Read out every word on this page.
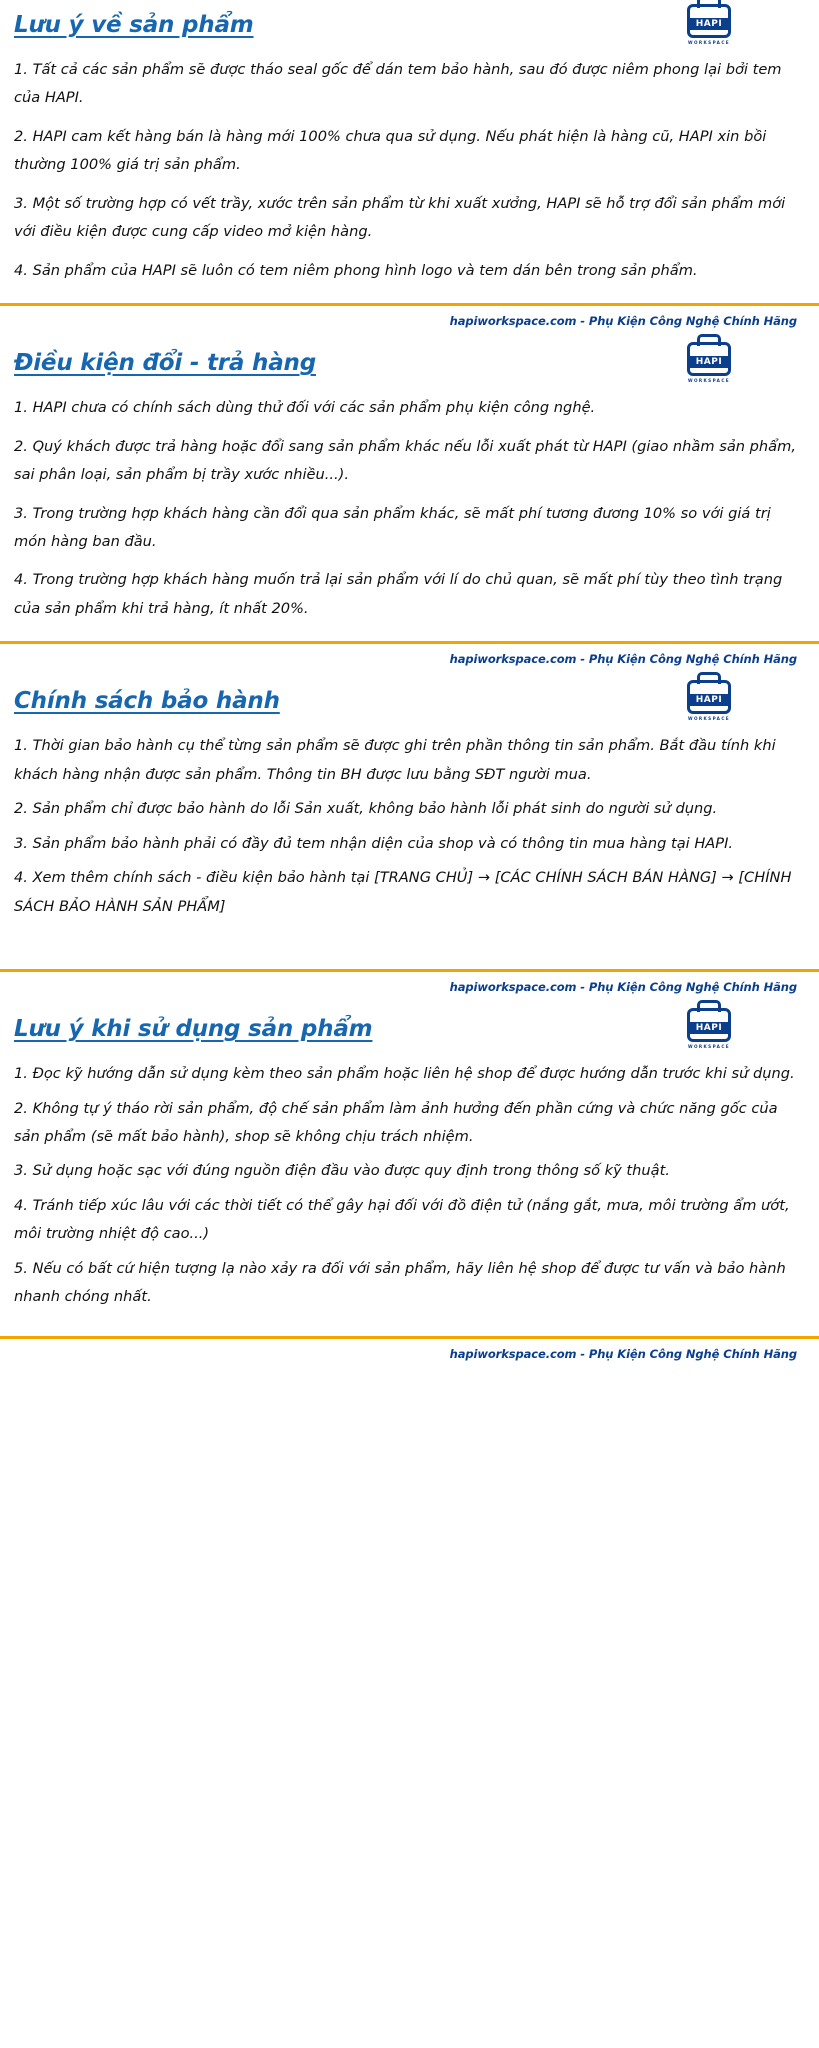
Lưu ý về sản phẩm	HAPI
WORKSPACE

1. Tất cả các sản phẩm sẽ được tháo seal gốc để dán tem bảo hành, sau đó được niêm phong lại bởi tem của HAPI.

2. HAPI cam kết hàng bán là hàng mới 100% chưa qua sử dụng. Nếu phát hiện là hàng cũ, HAPI xin bồi thường 100% giá trị sản phẩm.

3. Một số trường hợp có vết trầy, xước trên sản phẩm từ khi xuất xưởng, HAPI sẽ hỗ trợ đổi sản phẩm mới với điều kiện được cung cấp video mở kiện hàng.

4. Sản phẩm của HAPI sẽ luôn có tem niêm phong hình logo và tem dán bên trong sản phẩm.

hapiworkspace.com - Phụ Kiện Công Nghệ Chính Hãng
Điều kiện đổi - trả hàng	HAPI
WORKSPACE

1. HAPI chưa có chính sách dùng thử đối với các sản phẩm phụ kiện công nghệ.

2. Quý khách được trả hàng hoặc đổi sang sản phẩm khác nếu lỗi xuất phát từ HAPI (giao nhầm sản phẩm, sai phân loại, sản phẩm bị trầy xước nhiều...).

3. Trong trường hợp khách hàng cần đổi qua sản phẩm khác, sẽ mất phí tương đương 10% so với giá trị món hàng ban đầu.

4. Trong trường hợp khách hàng muốn trả lại sản phẩm với lí do chủ quan, sẽ mất phí tùy theo tình trạng của sản phẩm khi trả hàng, ít nhất 20%.

hapiworkspace.com - Phụ Kiện Công Nghệ Chính Hãng
Chính sách bảo hành	HAPI
WORKSPACE

1. Thời gian bảo hành cụ thể từng sản phẩm sẽ được ghi trên phần thông tin sản phẩm. Bắt đầu tính khi khách hàng nhận được sản phẩm. Thông tin BH được lưu bằng SĐT người mua.

2. Sản phẩm chỉ được bảo hành do lỗi Sản xuất, không bảo hành lỗi phát sinh do người sử dụng.

3. Sản phẩm bảo hành phải có đầy đủ tem nhận diện của shop và có thông tin mua hàng tại HAPI.

4. Xem thêm chính sách - điều kiện bảo hành tại [TRANG CHỦ] → [CÁC CHÍNH SÁCH BÁN HÀNG] → [CHÍNH SÁCH BẢO HÀNH SẢN PHẨM]

hapiworkspace.com - Phụ Kiện Công Nghệ Chính Hãng
Lưu ý khi sử dụng sản phẩm	HAPI
WORKSPACE

1. Đọc kỹ hướng dẫn sử dụng kèm theo sản phẩm hoặc liên hệ shop để được hướng dẫn trước khi sử dụng.

2. Không tự ý tháo rời sản phẩm, độ chế sản phẩm làm ảnh hưởng đến phần cứng và chức năng gốc của sản phẩm (sẽ mất bảo hành), shop sẽ không chịu trách nhiệm.

3. Sử dụng hoặc sạc với đúng nguồn điện đầu vào được quy định trong thông số kỹ thuật.

4. Tránh tiếp xúc lâu với các thời tiết có thể gây hại đối với đồ điện tử (nắng gắt, mưa, môi trường ẩm ướt, môi trường nhiệt độ cao...)

5. Nếu có bất cứ hiện tượng lạ nào xảy ra đối với sản phẩm, hãy liên hệ shop để được tư vấn và bảo hành nhanh chóng nhất.

hapiworkspace.com - Phụ Kiện Công Nghệ Chính Hãng
